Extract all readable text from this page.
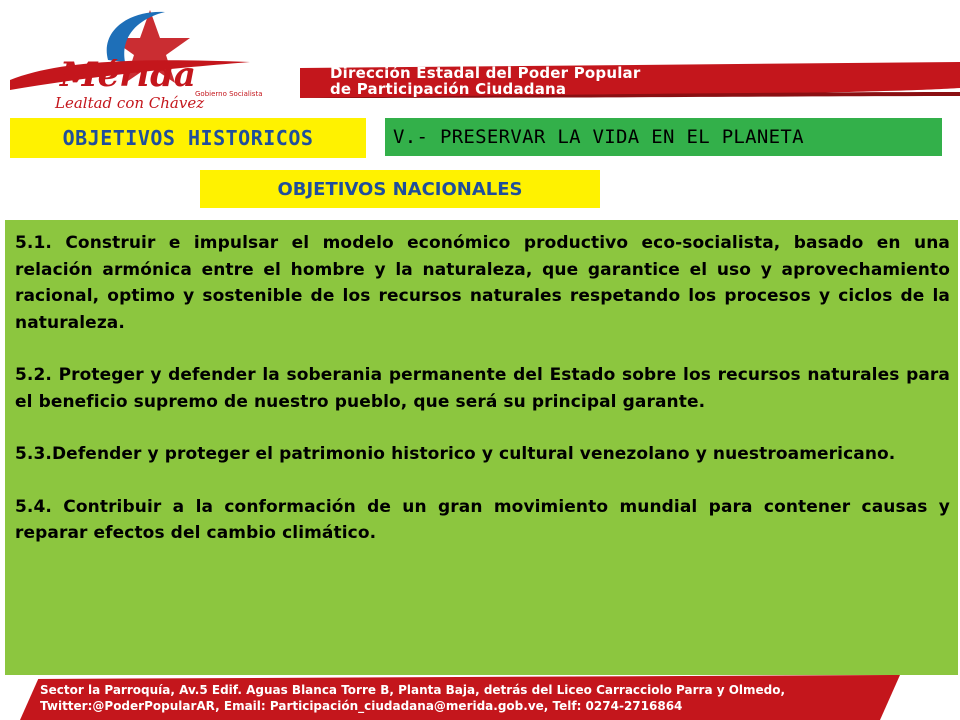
Mérida Gobierno Socialista
Lealtad con Chávez
Dirección Estadal del Poder Popular
de Participación Ciudadana
OBJETIVOS HISTORICOS	V.- PRESERVAR LA VIDA EN EL PLANETA
OBJETIVOS NACIONALES

5.1. Construir e impulsar el modelo económico productivo eco-socialista, basado en una relación armónica entre el hombre y la naturaleza, que garantice el uso y aprovechamiento racional, optimo y sostenible de los recursos naturales respetando los procesos y ciclos de la naturaleza.

5.2. Proteger y defender la soberania permanente del Estado sobre los recursos naturales para el beneficio supremo de nuestro pueblo, que será su principal garante.

5.3.Defender y proteger el patrimonio historico y cultural venezolano y nuestroamericano.

5.4. Contribuir a la conformación de un gran movimiento mundial para contener causas y reparar efectos del cambio climático.

Sector la Parroquía, Av.5 Edif. Aguas Blanca Torre B, Planta Baja, detrás del Liceo Carracciolo Parra y Olmedo,
Twitter:@PoderPopularAR, Email: Participación_ciudadana@merida.gob.ve, Telf: 0274-2716864
